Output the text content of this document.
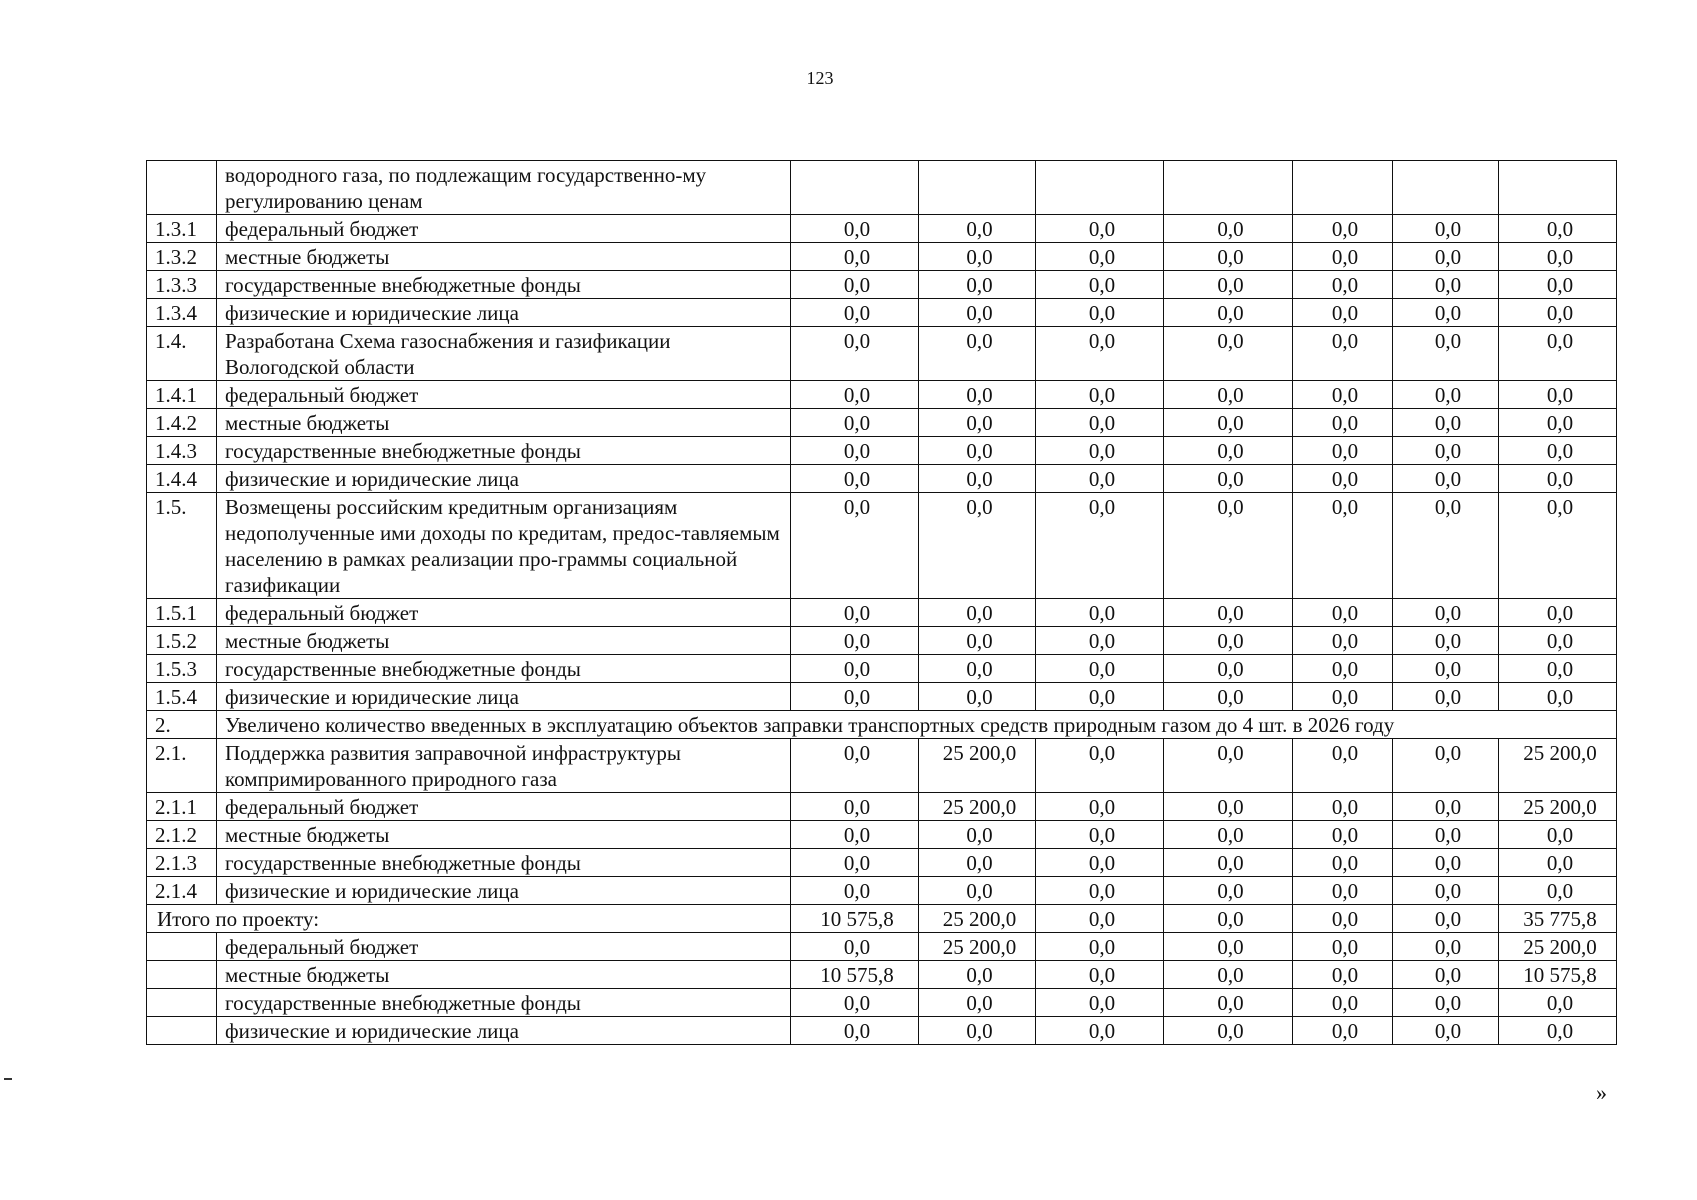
123
	водородного газа, по подлежащим государственно-му регулированию ценам							
1.3.1	федеральный бюджет	0,0	0,0	0,0	0,0	0,0	0,0	0,0
1.3.2	местные бюджеты	0,0	0,0	0,0	0,0	0,0	0,0	0,0
1.3.3	государственные внебюджетные фонды	0,0	0,0	0,0	0,0	0,0	0,0	0,0
1.3.4	физические и юридические лица	0,0	0,0	0,0	0,0	0,0	0,0	0,0
1.4.	Разработана Схема газоснабжения и газификации Вологодской области	0,0	0,0	0,0	0,0	0,0	0,0	0,0
1.4.1	федеральный бюджет	0,0	0,0	0,0	0,0	0,0	0,0	0,0
1.4.2	местные бюджеты	0,0	0,0	0,0	0,0	0,0	0,0	0,0
1.4.3	государственные внебюджетные фонды	0,0	0,0	0,0	0,0	0,0	0,0	0,0
1.4.4	физические и юридические лица	0,0	0,0	0,0	0,0	0,0	0,0	0,0
1.5.	Возмещены российским кредитным организациям недополученные ими доходы по кредитам, предос-тавляемым населению в рамках реализации про-граммы социальной газификации	0,0	0,0	0,0	0,0	0,0	0,0	0,0
1.5.1	федеральный бюджет	0,0	0,0	0,0	0,0	0,0	0,0	0,0
1.5.2	местные бюджеты	0,0	0,0	0,0	0,0	0,0	0,0	0,0
1.5.3	государственные внебюджетные фонды	0,0	0,0	0,0	0,0	0,0	0,0	0,0
1.5.4	физические и юридические лица	0,0	0,0	0,0	0,0	0,0	0,0	0,0
2.	Увеличено количество введенных в эксплуатацию объектов заправки транспортных средств природным газом до 4 шт. в 2026 году							
2.1.	Поддержка развития заправочной инфраструктуры компримированного природного газа	0,0	25 200,0	0,0	0,0	0,0	0,0	25 200,0
2.1.1	федеральный бюджет	0,0	25 200,0	0,0	0,0	0,0	0,0	25 200,0
2.1.2	местные бюджеты	0,0	0,0	0,0	0,0	0,0	0,0	0,0
2.1.3	государственные внебюджетные фонды	0,0	0,0	0,0	0,0	0,0	0,0	0,0
2.1.4	физические и юридические лица	0,0	0,0	0,0	0,0	0,0	0,0	0,0
Итого по проекту:		10 575,8	25 200,0	0,0	0,0	0,0	0,0	35 775,8
	федеральный бюджет	0,0	25 200,0	0,0	0,0	0,0	0,0	25 200,0
	местные бюджеты	10 575,8	0,0	0,0	0,0	0,0	0,0	10 575,8
	государственные внебюджетные фонды	0,0	0,0	0,0	0,0	0,0	0,0	0,0
	физические и юридические лица	0,0	0,0	0,0	0,0	0,0	0,0	0,0
»
